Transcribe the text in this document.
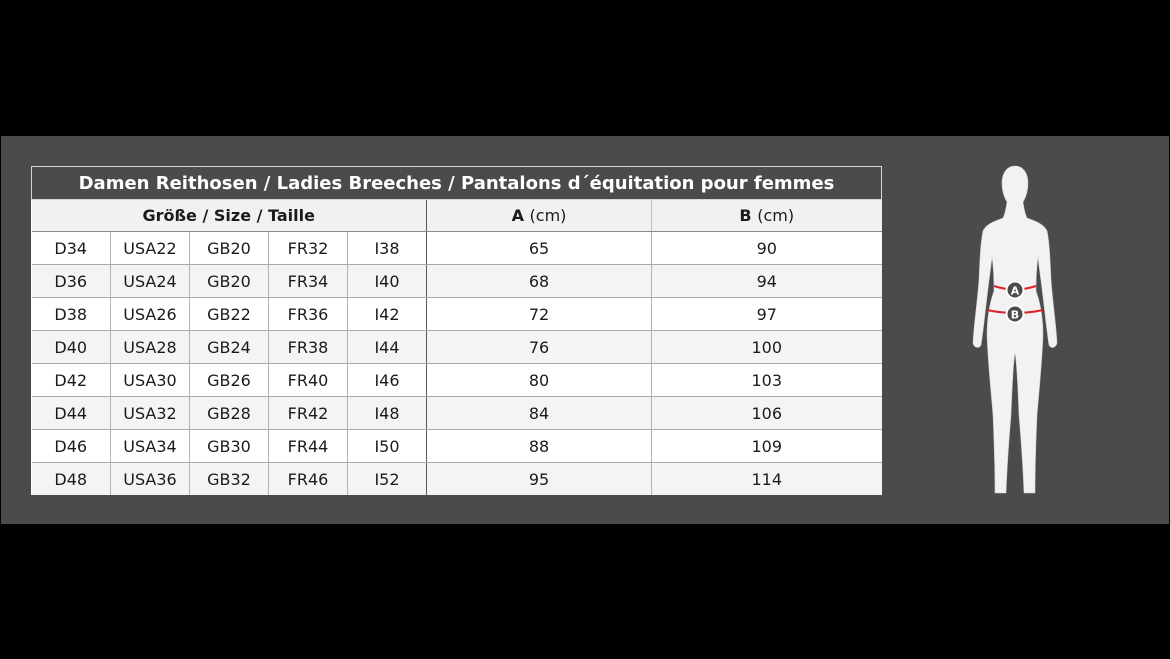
Damen Reithosen / Ladies Breeches / Pantalons d´équitation pour femmes						
Größe / Size / Taille					A (cm)	B (cm)
D34	USA22	GB20	FR32	I38	65	90
D36	USA24	GB20	FR34	I40	68	94
D38	USA26	GB22	FR36	I42	72	97
D40	USA28	GB24	FR38	I44	76	100
D42	USA30	GB26	FR40	I46	80	103
D44	USA32	GB28	FR42	I48	84	106
D46	USA34	GB30	FR44	I50	88	109
D48	USA36	GB32	FR46	I52	95	114
A
B
